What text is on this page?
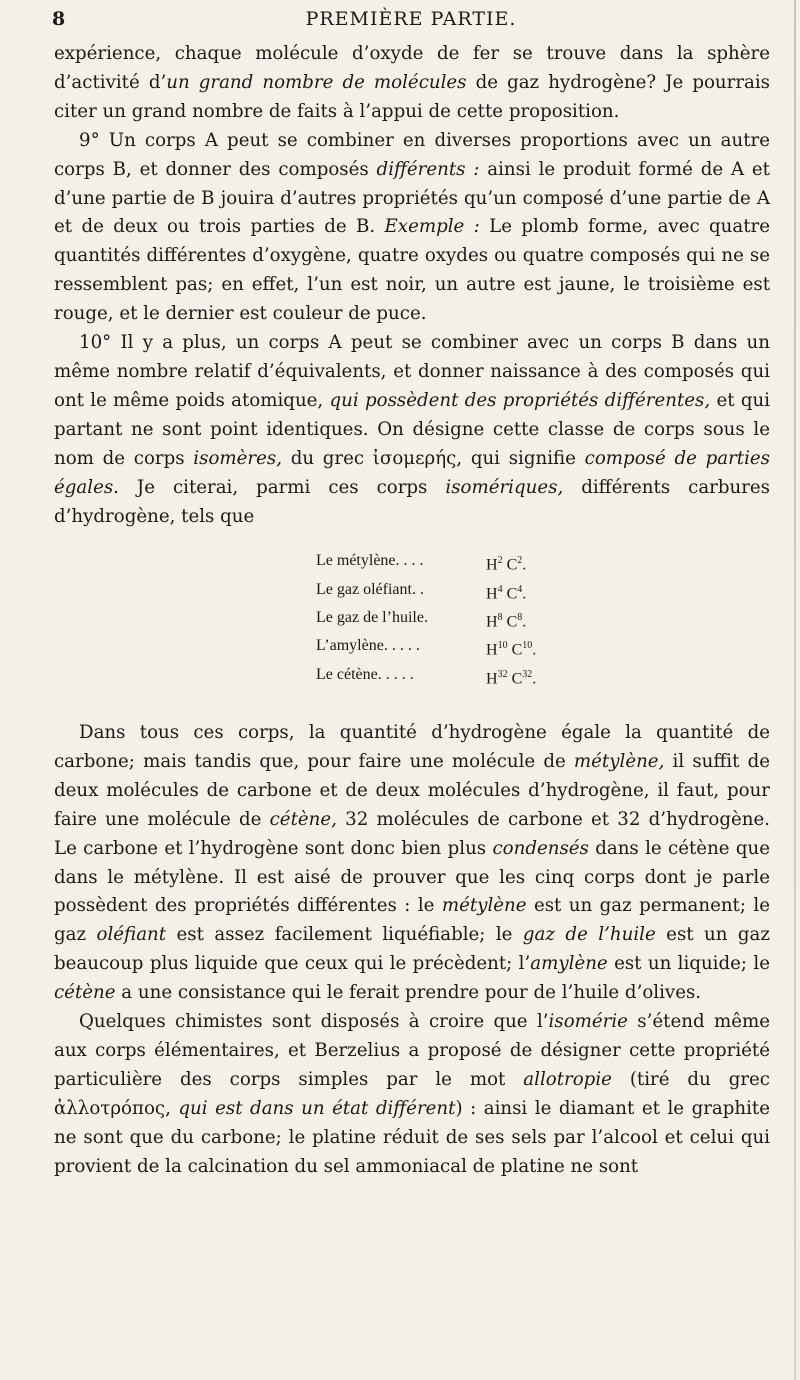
8	PREMIÈRE PARTIE.

expérience, chaque molécule d’oxyde de fer se trouve dans la sphère d’activité d’un grand nombre de molécules de gaz hydrogène? Je pourrais citer un grand nombre de faits à l’appui de cette proposition.

9° Un corps A peut se combiner en diverses proportions avec un autre corps B, et donner des composés différents : ainsi le produit formé de A et d’une partie de B jouira d’autres propriétés qu’un composé d’une partie de A et de deux ou trois parties de B. Exemple : Le plomb forme, avec quatre quantités différentes d’oxygène, quatre oxydes ou quatre composés qui ne se ressemblent pas; en effet, l’un est noir, un autre est jaune, le troisième est rouge, et le dernier est couleur de puce.

10° Il y a plus, un corps A peut se combiner avec un corps B dans un même nombre relatif d’équivalents, et donner naissance à des composés qui ont le même poids atomique, qui possèdent des propriétés différentes, et qui partant ne sont point identiques. On désigne cette classe de corps sous le nom de corps isomères, du grec ἰσομερής, qui signifie composé de parties égales. Je citerai, parmi ces corps isomériques, différents carbures d’hydrogène, tels que

Le métylène. . . .	$H^2$ $C^2$.
Le gaz oléfiant. .	$H^4$ $C^4$.
Le gaz de l’huile.	$H^8$ $C^8$.
L’amylène. . . . .	$H^{10}$ $C^{10}$.
Le cétène. . . . .	$H^{32}$ $C^{32}$.

Dans tous ces corps, la quantité d’hydrogène égale la quantité de carbone; mais tandis que, pour faire une molécule de métylène, il suffit de deux molécules de carbone et de deux molécules d’hydrogène, il faut, pour faire une molécule de cétène, 32 molécules de carbone et 32 d’hydrogène. Le carbone et l’hydrogène sont donc bien plus condensés dans le cétène que dans le métylène. Il est aisé de prouver que les cinq corps dont je parle possèdent des propriétés différentes : le métylène est un gaz permanent; le gaz oléfiant est assez facilement liquéfiable; le gaz de l’huile est un gaz beaucoup plus liquide que ceux qui le précèdent; l’amylène est un liquide; le cétène a une consistance qui le ferait prendre pour de l’huile d’olives.

Quelques chimistes sont disposés à croire que l’isomérie s’étend même aux corps élémentaires, et Berzelius a proposé de désigner cette propriété particulière des corps simples par le mot allotropie (tiré du grec ἀλλοτρόπος, qui est dans un état différent) : ainsi le diamant et le graphite ne sont que du carbone; le platine réduit de ses sels par l’alcool et celui qui provient de la calcination du sel ammoniacal de platine ne sont
